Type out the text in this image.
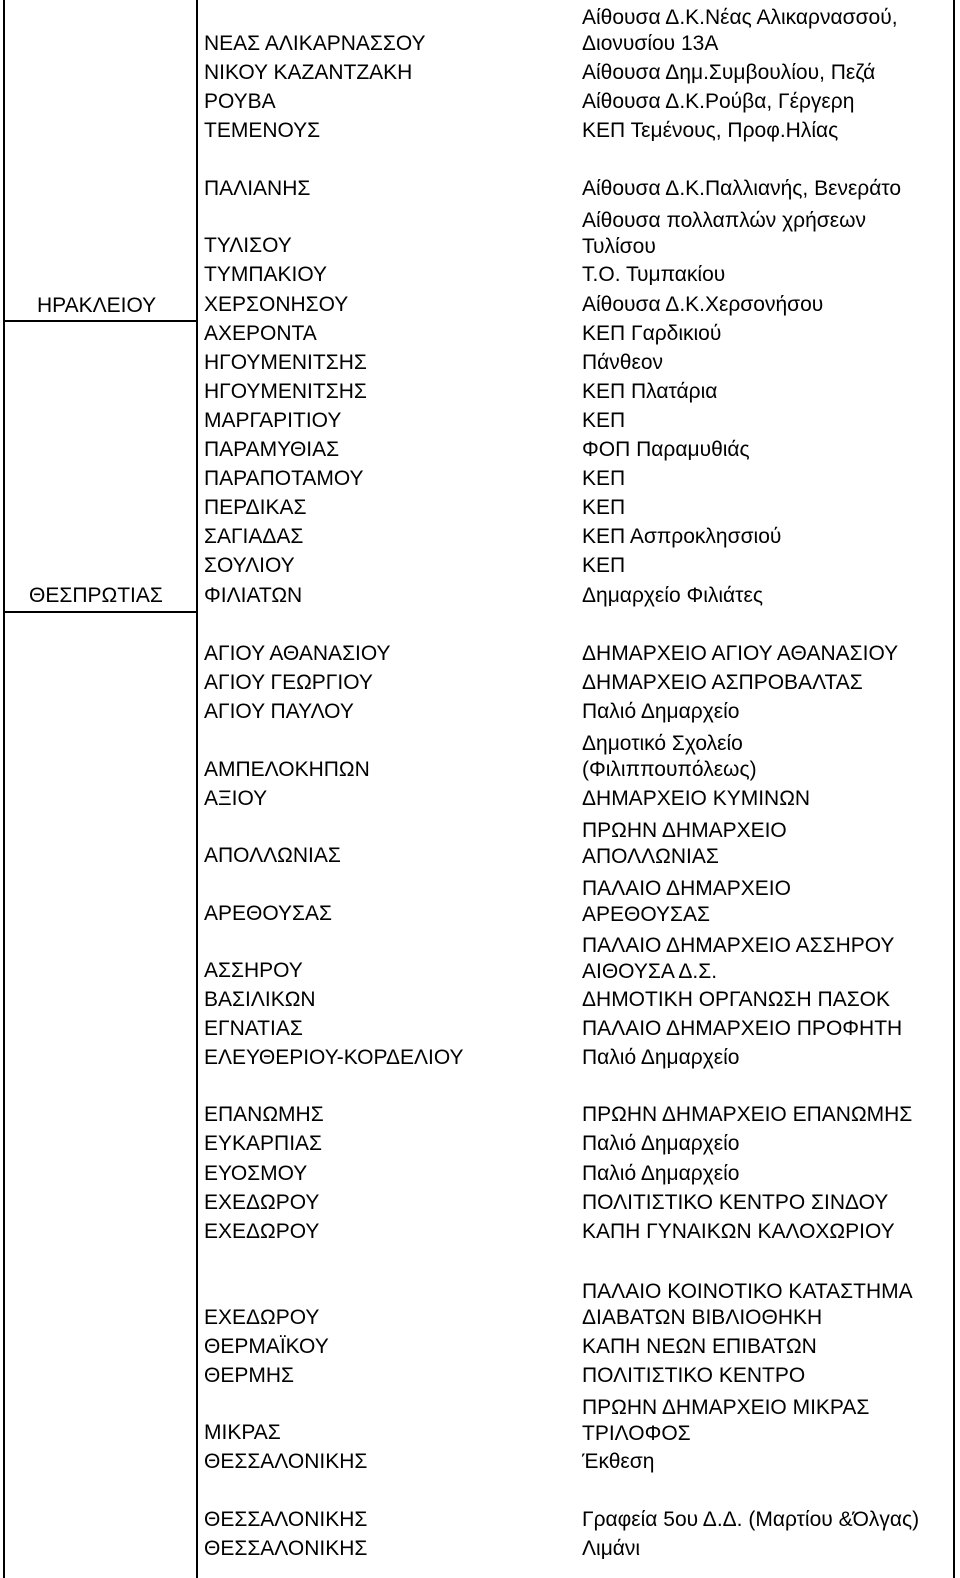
ΗΡΑΚΛΕΙΟΥ
ΘΕΣΠΡΩΤΙΑΣ
ΝΕΑΣ ΑΛΙΚΑΡΝΑΣΣΟΥ
ΝΙΚΟΥ ΚΑΖΑΝΤΖΑΚΗ
ΡΟΥΒΑ
ΤΕΜΕΝΟΥΣ
ΠΑΛΙΑΝΗΣ
ΤΥΛΙΣΟΥ
ΤΥΜΠΑΚΙΟΥ
ΧΕΡΣΟΝΗΣΟΥ
ΑΧΕΡΟΝΤΑ
ΗΓΟΥΜΕΝΙΤΣΗΣ
ΗΓΟΥΜΕΝΙΤΣΗΣ
ΜΑΡΓΑΡΙΤΙΟΥ
ΠΑΡΑΜΥΘΙΑΣ
ΠΑΡΑΠΟΤΑΜΟΥ
ΠΕΡΔΙΚΑΣ
ΣΑΓΙΑΔΑΣ
ΣΟΥΛΙΟΥ
ΦΙΛΙΑΤΩΝ
ΑΓΙΟΥ ΑΘΑΝΑΣΙΟΥ
ΑΓΙΟΥ ΓΕΩΡΓΙΟΥ
ΑΓΙΟΥ ΠΑΥΛΟΥ
ΑΜΠΕΛΟΚΗΠΩΝ
ΑΞΙΟΥ
ΑΠΟΛΛΩΝΙΑΣ
ΑΡΕΘΟΥΣΑΣ
ΑΣΣΗΡΟΥ
ΒΑΣΙΛΙΚΩΝ
ΕΓΝΑΤΙΑΣ
ΕΛΕΥΘΕΡΙΟΥ-ΚΟΡΔΕΛΙΟΥ
ΕΠΑΝΩΜΗΣ
ΕΥΚΑΡΠΙΑΣ
ΕΥΟΣΜΟΥ
ΕΧΕΔΩΡΟΥ
ΕΧΕΔΩΡΟΥ
ΕΧΕΔΩΡΟΥ
ΘΕΡΜΑΪΚΟΥ
ΘΕΡΜΗΣ
ΜΙΚΡΑΣ
ΘΕΣΣΑΛΟΝΙΚΗΣ
ΘΕΣΣΑΛΟΝΙΚΗΣ
ΘΕΣΣΑΛΟΝΙΚΗΣ
Αίθουσα Δ.Κ.Νέας Αλικαρνασσού,
Διονυσίου 13Α
Αίθουσα Δημ.Συμβουλίου, Πεζά
Αίθουσα Δ.Κ.Ρούβα, Γέργερη
ΚΕΠ Τεμένους, Προφ.Ηλίας
Αίθουσα Δ.Κ.Παλλιανής, Βενεράτο
Αίθουσα πολλαπλών χρήσεων
Τυλίσου
Τ.Ο. Τυμπακίου
Αίθουσα Δ.Κ.Χερσονήσου
ΚΕΠ Γαρδικιού
Πάνθεον
ΚΕΠ Πλατάρια
ΚΕΠ
ΦΟΠ Παραμυθιάς
ΚΕΠ
ΚΕΠ
ΚΕΠ Ασπροκλησσιού
ΚΕΠ
Δημαρχείο Φιλιάτες
ΔΗΜΑΡΧΕΙΟ ΑΓΙΟΥ ΑΘΑΝΑΣΙΟΥ
ΔΗΜΑΡΧΕΙΟ ΑΣΠΡΟΒΑΛΤΑΣ
Παλιό Δημαρχείο
Δημοτικό Σχολείο
(Φιλιππουπόλεως)
ΔΗΜΑΡΧΕΙΟ ΚΥΜΙΝΩΝ
ΠΡΩΗΝ ΔΗΜΑΡΧΕΙΟ
ΑΠΟΛΛΩΝΙΑΣ
ΠΑΛΑΙΟ ΔΗΜΑΡΧΕΙΟ
ΑΡΕΘΟΥΣΑΣ
ΠΑΛΑΙΟ ΔΗΜΑΡΧΕΙΟ ΑΣΣΗΡΟΥ
ΑΙΘΟΥΣΑ Δ.Σ.
ΔΗΜΟΤΙΚΗ ΟΡΓΑΝΩΣΗ ΠΑΣΟΚ
ΠΑΛΑΙΟ ΔΗΜΑΡΧΕΙΟ ΠΡΟΦΗΤΗ
Παλιό Δημαρχείο
ΠΡΩΗΝ ΔΗΜΑΡΧΕΙΟ ΕΠΑΝΩΜΗΣ
Παλιό Δημαρχείο
Παλιό Δημαρχείο
ΠΟΛΙΤΙΣΤΙΚΟ ΚΕΝΤΡΟ ΣΙΝΔΟΥ
ΚΑΠΗ ΓΥΝΑΙΚΩΝ ΚΑΛΟΧΩΡΙΟΥ
ΠΑΛΑΙΟ ΚΟΙΝΟΤΙΚΟ ΚΑΤΑΣΤΗΜΑ
ΔΙΑΒΑΤΩΝ ΒΙΒΛΙΟΘΗΚΗ
ΚΑΠΗ ΝΕΩΝ ΕΠΙΒΑΤΩΝ
ΠΟΛΙΤΙΣΤΙΚΟ ΚΕΝΤΡΟ
ΠΡΩΗΝ ΔΗΜΑΡΧΕΙΟ ΜΙΚΡΑΣ
ΤΡΙΛΟΦΟΣ
Έκθεση
Γραφεία 5ου Δ.Δ. (Μαρτίου &Όλγας)
Λιμάνι
